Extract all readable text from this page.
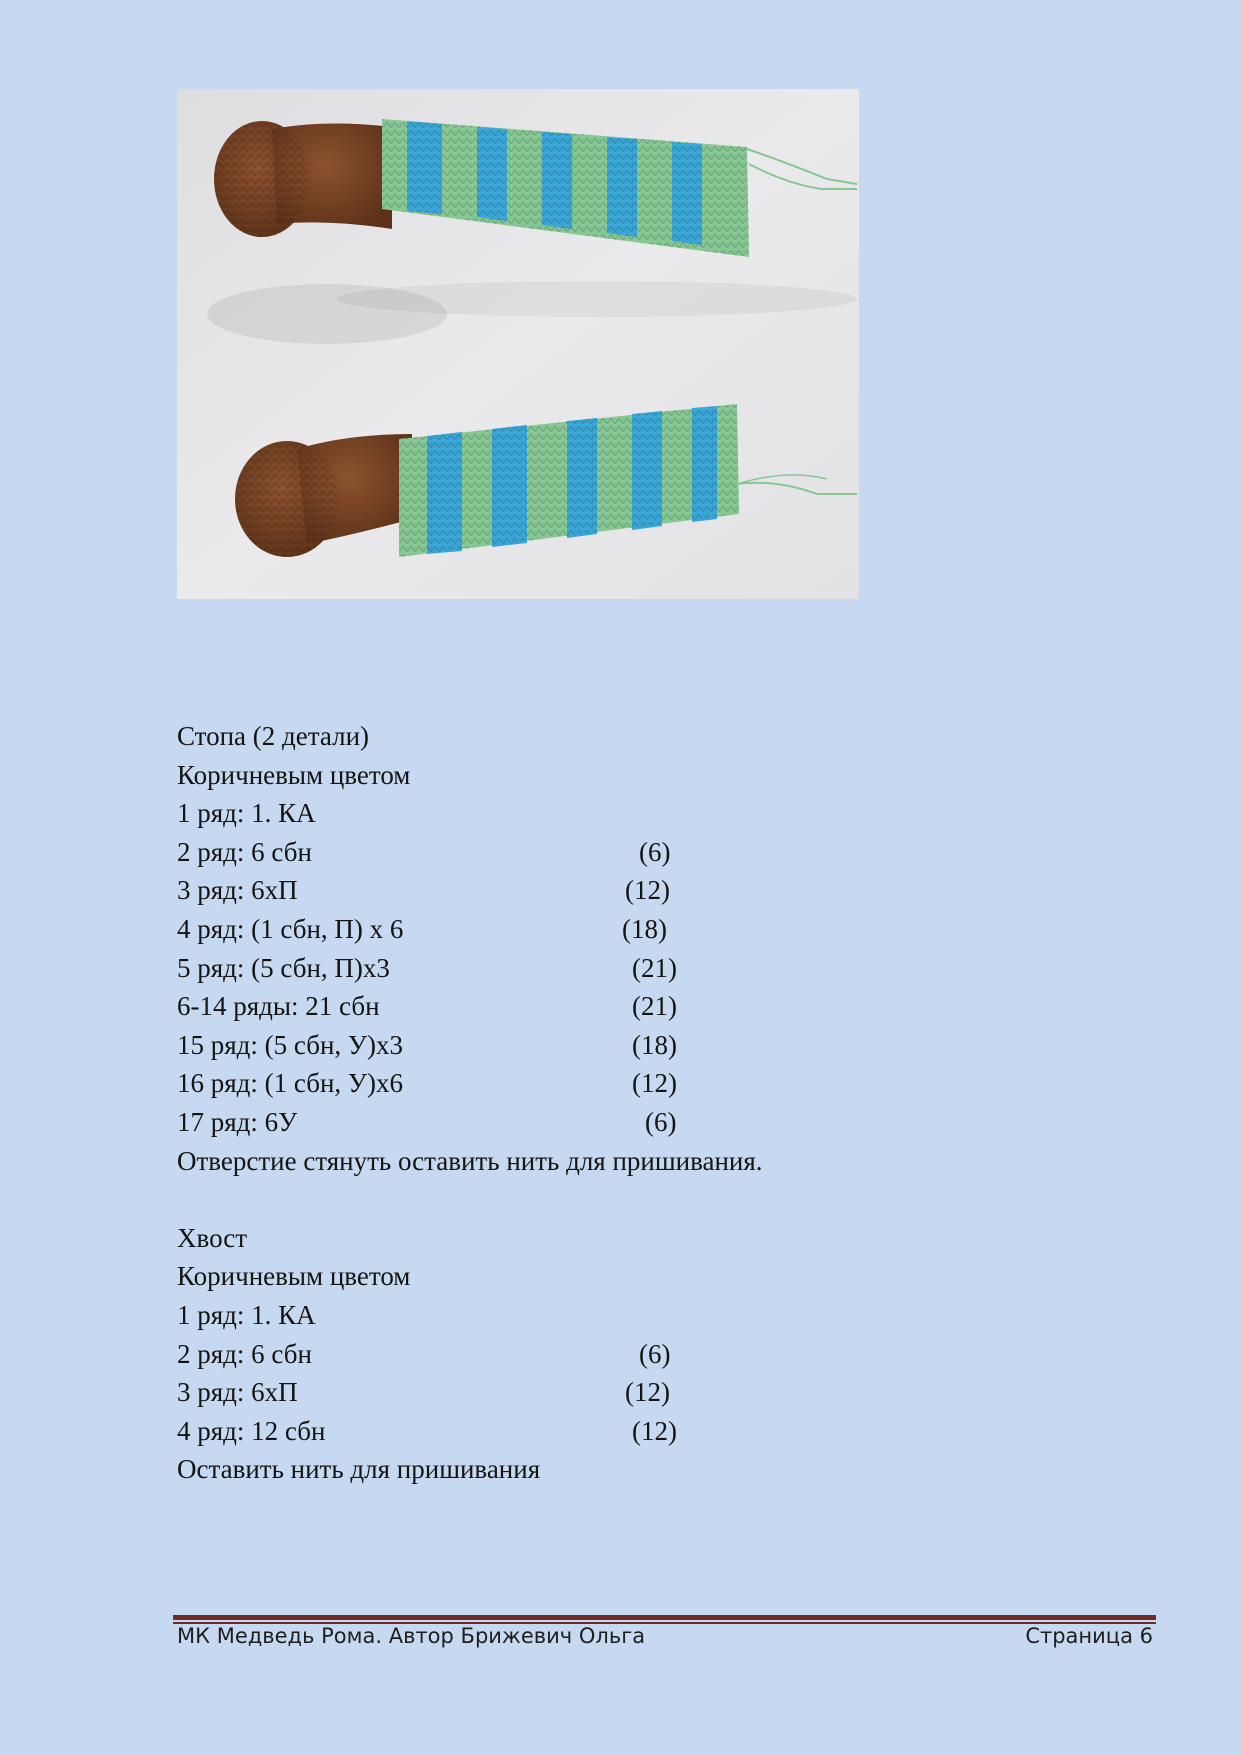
Стопа (2 детали)
Коричневым цветом
1 ряд: 1. КА
2 ряд: 6 сбн	(6)
3 ряд: 6хП	(12)
4 ряд: (1 сбн, П) х 6	(18)
5 ряд: (5 сбн, П)х3	(21)
6-14 ряды: 21 сбн	(21)
15 ряд: (5 сбн, У)х3	(18)
16 ряд: (1 сбн, У)х6	(12)
17 ряд: 6У	(6)
Отверстие стянуть оставить нить для пришивания.
Хвост
Коричневым цветом
1 ряд: 1. КА
2 ряд: 6 сбн	(6)
3 ряд: 6хП	(12)
4 ряд: 12 сбн	(12)
Оставить нить для пришивания
МК Медведь Рома. Автор Брижевич Ольга	Страница 6
